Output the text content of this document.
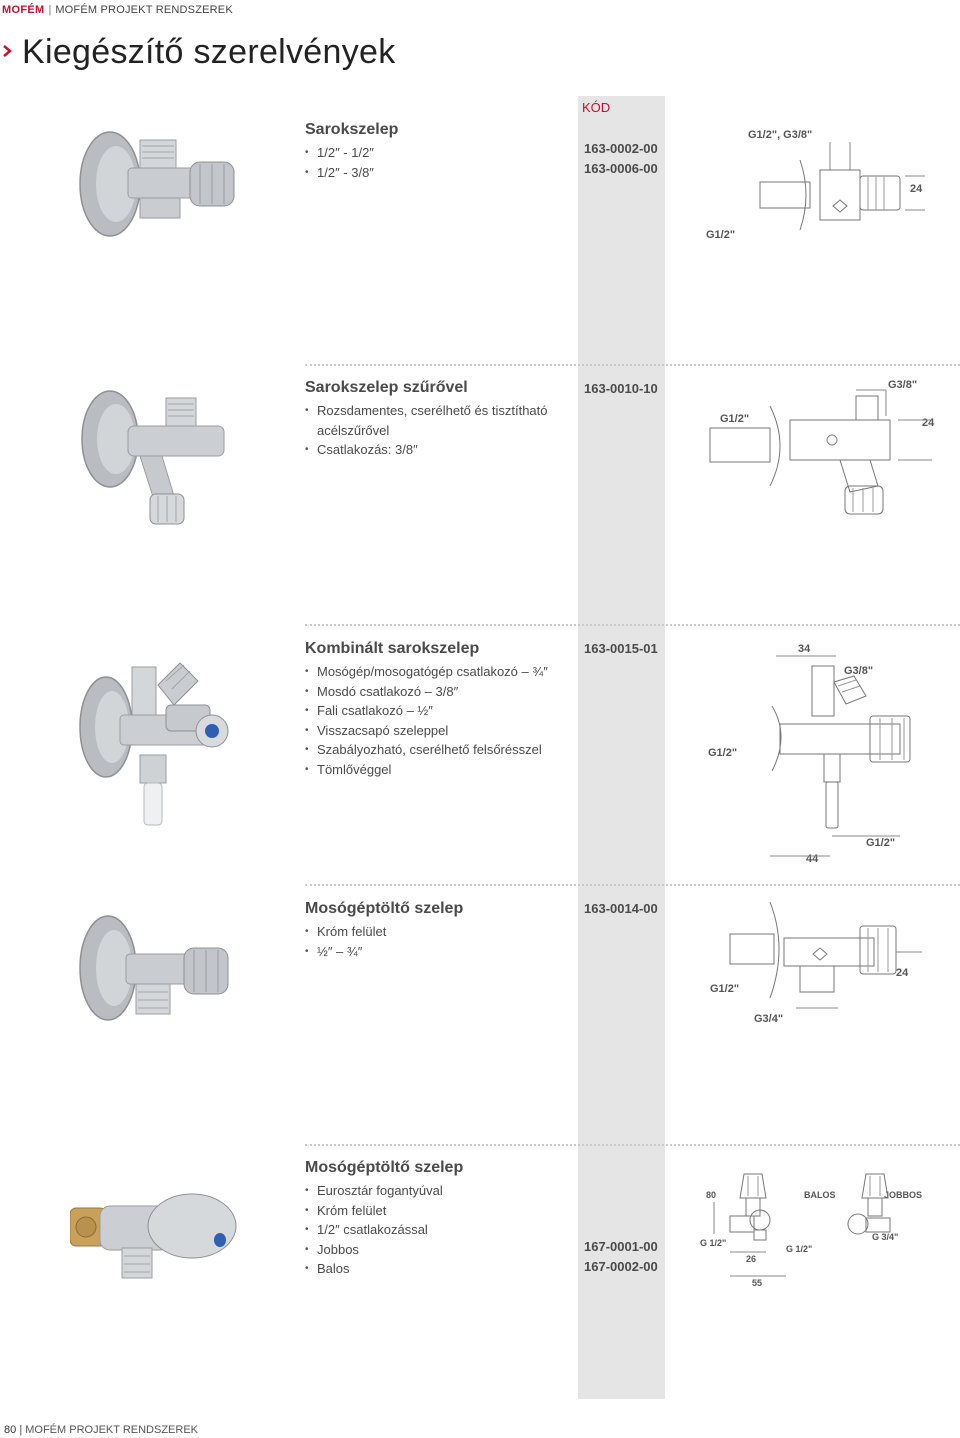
MOFÉM | MOFÉM PROJEKT RENDSZEREK
Kiegészítő szerelvények
KÓD
Sarokszelep
• 1/2″ - 1/2″
• 1/2″ - 3/8″
163-0002-00
163-0006-00
G1/2", G3/8"
24
G1/2"
Sarokszelep szűrővel
• Rozsdamentes, cserélhető és tisztítható acélszűrővel
• Csatlakozás: 3/8″
163-0010-10	G3/8"
G1/2"	24
Kombinált sarokszelep
• Mosógép/mosogatógép csatlakozó – ¾″
• Mosdó csatlakozó – 3/8″
• Fali csatlakozó – ½″
• Visszacsapó szeleppel
• Szabályozható, cserélhető felsőrésszel
• Tömlővéggel
163-0015-01	34
G3/8"
G1/2"
G1/2"
44
Mosógéptöltő szelep
• Króm felület
• ½″ – ¾″
163-0014-00
24
G1/2"
G3/4"
Mosógéptöltő szelep
• Eurosztár fogantyúval
• Króm felület
• 1/2″ csatlakozással
• Jobbos
• Balos
167-0001-00
167-0002-00
80
G 1/2"
26
55
BALOS	JOBBOS
G 1/2"
G 3/4"
80 | MOFÉM PROJEKT RENDSZEREK
